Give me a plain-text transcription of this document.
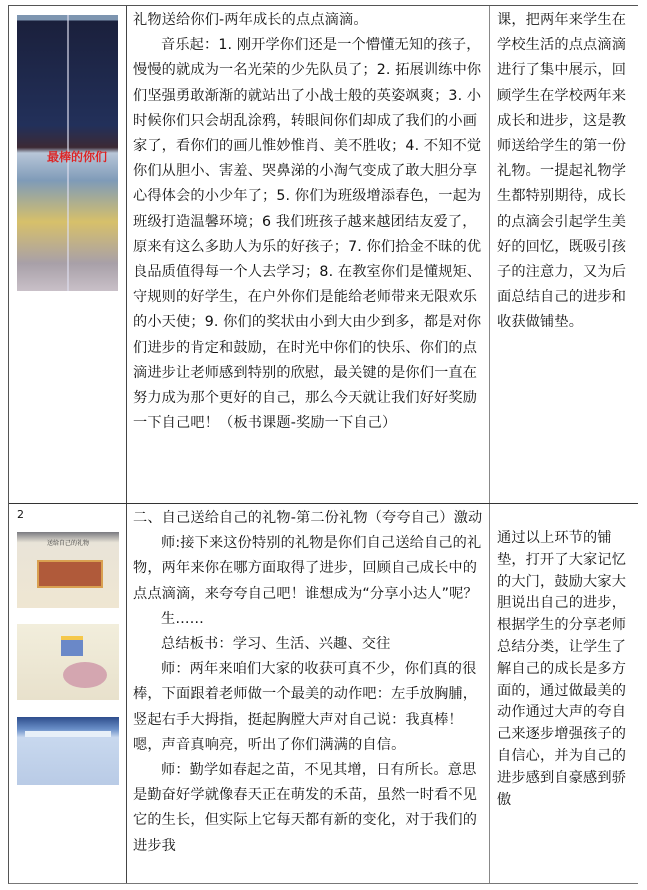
最棒的你们

礼物送给你们-两年成长的点点滴滴。

音乐起：1. 刚开学你们还是一个懵懂无知的孩子，慢慢的就成为一名光荣的少先队员了；2. 拓展训练中你们坚强勇敢渐渐的就站出了小战士般的英姿飒爽；3. 小时候你们只会胡乱涂鸦，转眼间你们却成了我们的小画家了，看你们的画儿惟妙惟肖、美不胜收；4. 不知不觉你们从胆小、害羞、哭鼻涕的小淘气变成了敢大胆分享心得体会的小少年了；5. 你们为班级增添春色，一起为班级打造温馨环境；6 我们班孩子越来越团结友爱了，原来有这么多助人为乐的好孩子；7. 你们拾金不昧的优良品质值得每一个人去学习；8. 在教室你们是懂规矩、守规则的好学生，在户外你们是能给老师带来无限欢乐的小天使；9. 你们的奖状由小到大由少到多，都是对你们进步的肯定和鼓励，在时光中你们的快乐、你们的点滴进步让老师感到特别的欣慰，最关键的是你们一直在努力成为那个更好的自己，那么今天就让我们好好奖励一下自己吧！（板书课题-奖励一下自己）

课，把两年来学生在学校生活的点点滴滴进行了集中展示，回顾学生在学校两年来成长和进步，这是教师送给学生的第一份礼物。一提起礼物学生都特别期待，成长的点滴会引起学生美好的回忆，既吸引孩子的注意力，又为后面总结自己的进步和收获做铺垫。

2
送给自己的礼物

二、自己送给自己的礼物-第二份礼物（夸夸自己）激动

师:接下来这份特别的礼物是你们自己送给自己的礼物，两年来你在哪方面取得了进步，回顾自己成长中的点点滴滴，来夸夸自己吧！谁想成为“分享小达人”呢？

生……

总结板书：学习、生活、兴趣、交往

师：两年来咱们大家的收获可真不少，你们真的很棒，下面跟着老师做一个最美的动作吧：左手放胸脯，竖起右手大拇指，挺起胸膛大声对自己说：我真棒！嗯，声音真响亮，听出了你们满满的自信。

师：勤学如春起之苗，不见其增，日有所长。意思是勤奋好学就像春天正在萌发的禾苗，虽然一时看不见它的生长，但实际上它每天都有新的变化，对于我们的进步我

通过以上环节的铺垫，打开了大家记忆的大门，鼓励大家大胆说出自己的进步，根据学生的分享老师总结分类，让学生了解自己的成长是多方面的，通过做最美的动作通过大声的夸自己来逐步增强孩子的自信心，并为自己的进步感到自豪感到骄傲
